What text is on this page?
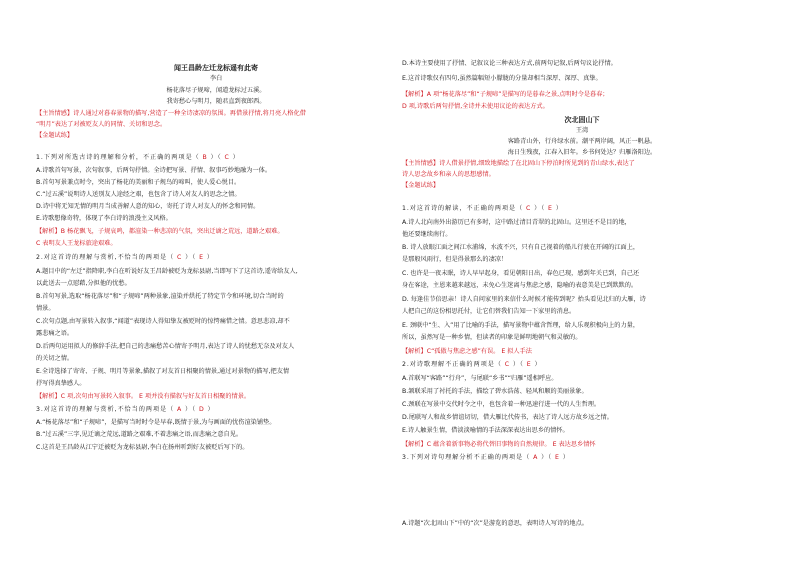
闻王昌龄左迁龙标遥有此寄
李白
杨花落尽子规啼，闻道龙标过五溪。
我寄愁心与明月，随君直到夜郎西。
【主旨情感】诗人通过对暮春景物的描写,营造了一种全诗凄凉的氛围。再借景抒情,将月亮人格化借
“明月”表达了对被贬友人的同情、关切和思念。
【金题试练】
1.下列对所选古诗的理解和分析，不正确的两项是（ B ）（ C ）
A.诗歌首句写景，次句叙事，后两句抒情。全诗把写景、抒情、叙事巧妙地融为一体。
B.首句写景兼点时令，突出了杨花的美丽和子规鸟的啼叫，使人爱心悦目。
C.“过五溪”说明诗人送别友人途经之艰，也包含了诗人对友人的思念之情。
D.诗中将无知无情的明月当成善解人意的知心，寄托了诗人对友人的怀念和同情。
E.诗歌想像奇特，体现了李白诗的浪漫主义风格。
【解析】B 杨花飘飞，子规哀鸣，都渲染一种悲凉的气氛，突出迁谪之荒远，道路之艰难。
C 表明友人王龙标旅途艰难。
2.对这首诗的理解与赏析,不恰当的两项是（ C ）（ E ）
A.题目中的“左迁”指降职,李白在听说好友王昌龄被贬为龙标县尉,当即写下了这首诗,遥寄给友人,
以此送去一点慰藉,分担他的忧愁。
B.首句写景,选取“杨花落尽”和“子规啼”两种景象,渲染并烘托了特定节令和环境,切合当时的
情景。
C.次句点题,由写景转入叙事,“闻道”表现诗人得知挚友被贬时的惊愕痛惜之情。意思悲凉,却不
露悲痛之语。
D.后两句运用拟人的修辞手法,把自己的悲痛愁苦心情寄予明月,表达了诗人的忧愁无奈及对友人
的关切之情。
E.全诗选择了寄寄、子规、明月等景象,描叙了对友首日相聚的情景,通过对景物的描写,把友情
抒写得真挚感人。
【解析】C 项,次句由写景转入叙事。 E 项并没有描叙与好友首日相聚的情景。
3.对这首诗的理解与赏析,不恰当的两项是（ A ）（ D ）
A.“杨花落尽”和“子规啼”，是描写当时时令是早春,既情于景,为与画面的忧伤渲染铺垫。
B.“过五溪”三字,见迁谪之荒远,道路之艰难,不着悲痛之语,而悲痛之意自见。
C.这首是王昌龄从江宁迁被贬为龙标县尉,李白在扬州听到好友被贬后写下的。
D.本诗主要使用了抒情、记叙议论三种表达方式,前两句记叙,后两句议论抒情。
E.这首诗歌仅有四句,虽然篇幅短小朦胧的分量却相当深厚、深厚、真挚。
【解析】A 项“杨花落尽”和“子规啼”是描写的是暮春之景,点明时令是暮春；
D 项,诗歌后两句抒情,全诗并未使用议论的表达方式。
次北固山下
王湾
客路青山外，行舟绿水前。潮平两岸阔，风正一帆悬。
海日生残夜，江春入旧年。乡书何处达？归雁洛阳边。
【主旨情感】诗人借景抒情,细致地描绘了在北固山下停泊时所见到的青山绿水,表达了
诗人思念故乡和亲人的思想感情。
【金题试练】
1.对这首诗的解读，不正确的两项是（ C ）（ E ）
A.诗人北向南外出游历已有多时，这中路过清目青翠的北固山。这里还不是目的地，
他还要继续南行。
B. 诗人放眼江面之间江水浦绵，水波不兴，只有自己视着的船儿行驶在开阔的江面上，
是那般风雨行，但是得景那么的凄凉！
C. 也许是一夜未眠，诗人早早起身，看见朝阳日出，春色已现，感到年关已到，自己还
身在客途，主恩来越来越远，未免心生迷离与焦虑之感，隐喻的表意美是已到默默的。
D. 每逢佳节倍思亲！诗人自问家里的来信什么时候才能传到呢？抬头看见北归的大雁，诗
人把自己的这份相思托付，让它们替我们告知一下家里的消息。
E. 颈联中“生、入”用了比喻的手法，描写景物中蕴含哲理，给人乐观积极向上的力量，
所以，虽然写是一种乡情，但读者的印象是鲜明地朝气和灵敏的。
【解析】C“孤傲与焦虑之感”有误。 E 拟人手法
2.对诗歌理解不正确的两项是（ C ）（ E ）
A.首联写“客路”“行舟”，与尾联“乡书”“归雁”遥相呼应。
B.颔联采用了衬托的手法，描绘了碧水浩荡、轻风和顺的美丽景象。
C.颈联在写景中交代时令之中，也包含着一种迅速行进一代的人生哲理。
D.尾联写人和故乡情谊切切，借大雁比代传书，表达了诗人远方故乡远之情。
E.诗人触景生情，借淡淡喻情的手法深深表达出思乡的情怀。
【解析】C 蕴含着新事物必将代替旧事物的自然规律。 E 表达思乡情怀
3.下列对诗句理解分析不正确的两项是（ A ）（ E ）
A.诗题“次北固山下”中的“次”是游览的意思，表明诗人写诗的地点。
